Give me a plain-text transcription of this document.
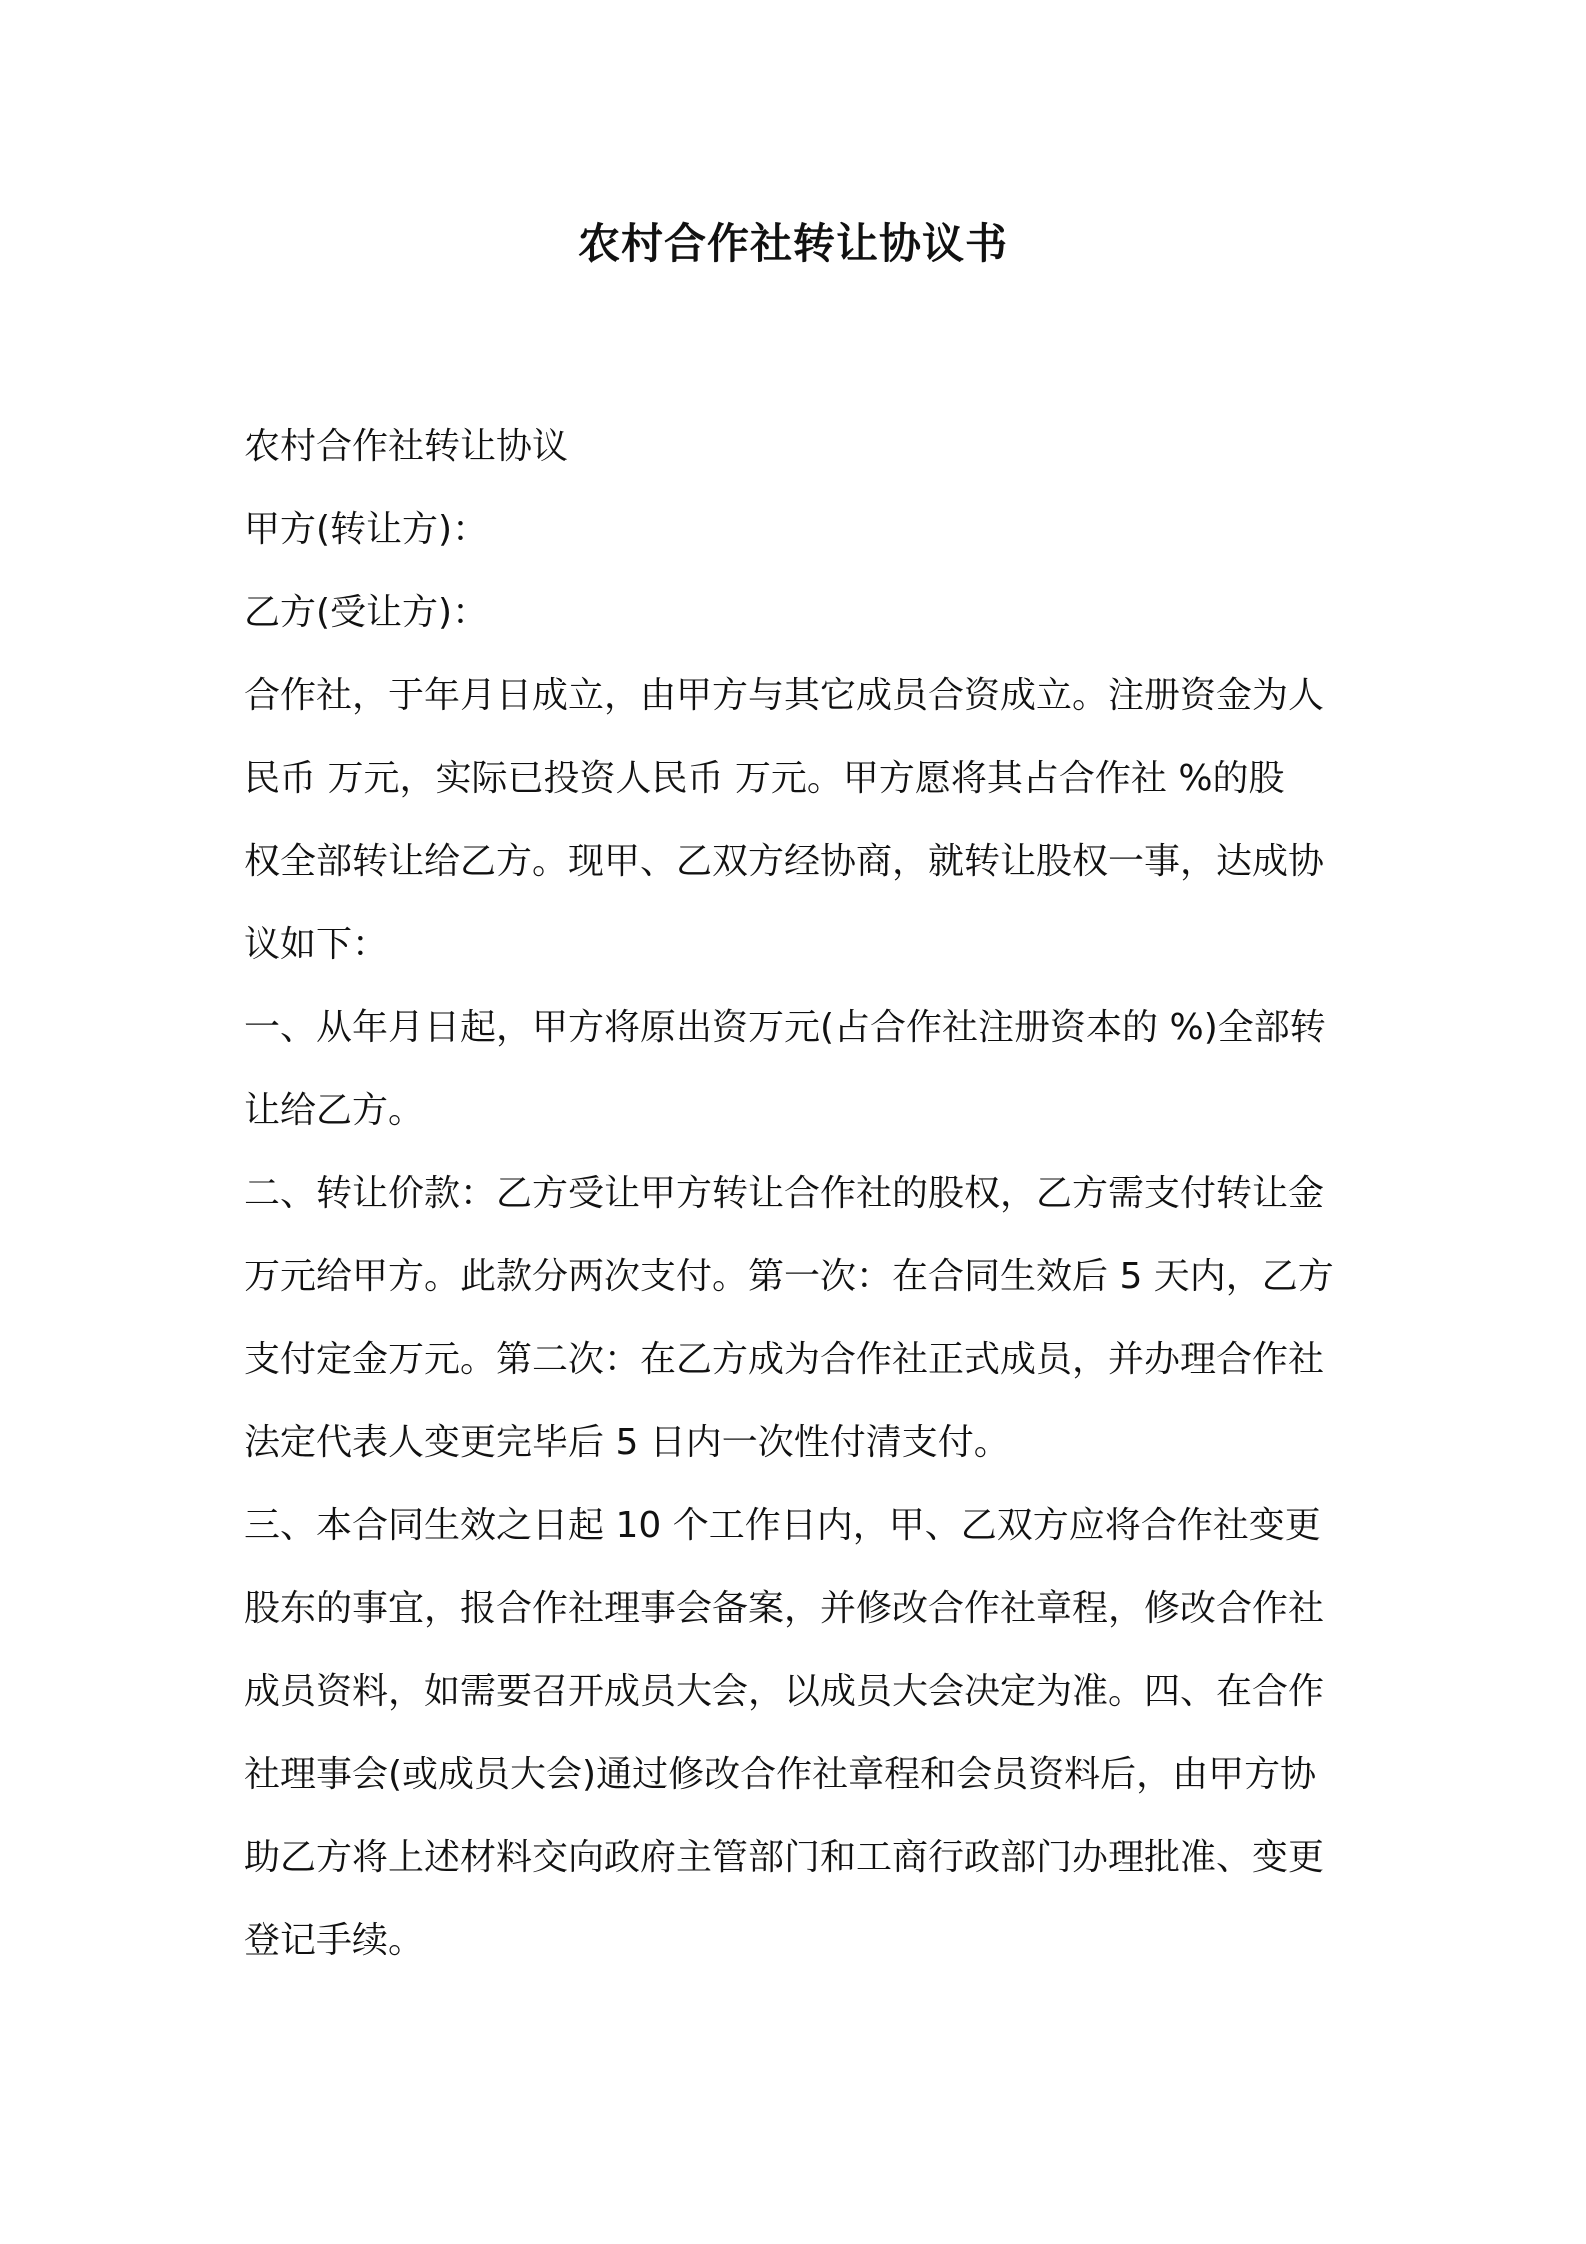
农村合作社转让协议书
农村合作社转让协议
甲方(转让方)：
乙方(受让方)：
合作社，于年月日成立，由甲方与其它成员合资成立。注册资金为人
民币 万元，实际已投资人民币 万元。甲方愿将其占合作社 %的股
权全部转让给乙方。现甲、乙双方经协商，就转让股权一事，达成协
议如下：
一、从年月日起，甲方将原出资万元(占合作社注册资本的 %)全部转
让给乙方。
二、转让价款：乙方受让甲方转让合作社的股权，乙方需支付转让金
万元给甲方。此款分两次支付。第一次：在合同生效后 5 天内，乙方
支付定金万元。第二次：在乙方成为合作社正式成员，并办理合作社
法定代表人变更完毕后 5 日内一次性付清支付。
三、本合同生效之日起 10 个工作日内，甲、乙双方应将合作社变更
股东的事宜，报合作社理事会备案，并修改合作社章程，修改合作社
成员资料，如需要召开成员大会，以成员大会决定为准。四、在合作
社理事会(或成员大会)通过修改合作社章程和会员资料后，由甲方协
助乙方将上述材料交向政府主管部门和工商行政部门办理批准、变更
登记手续。
